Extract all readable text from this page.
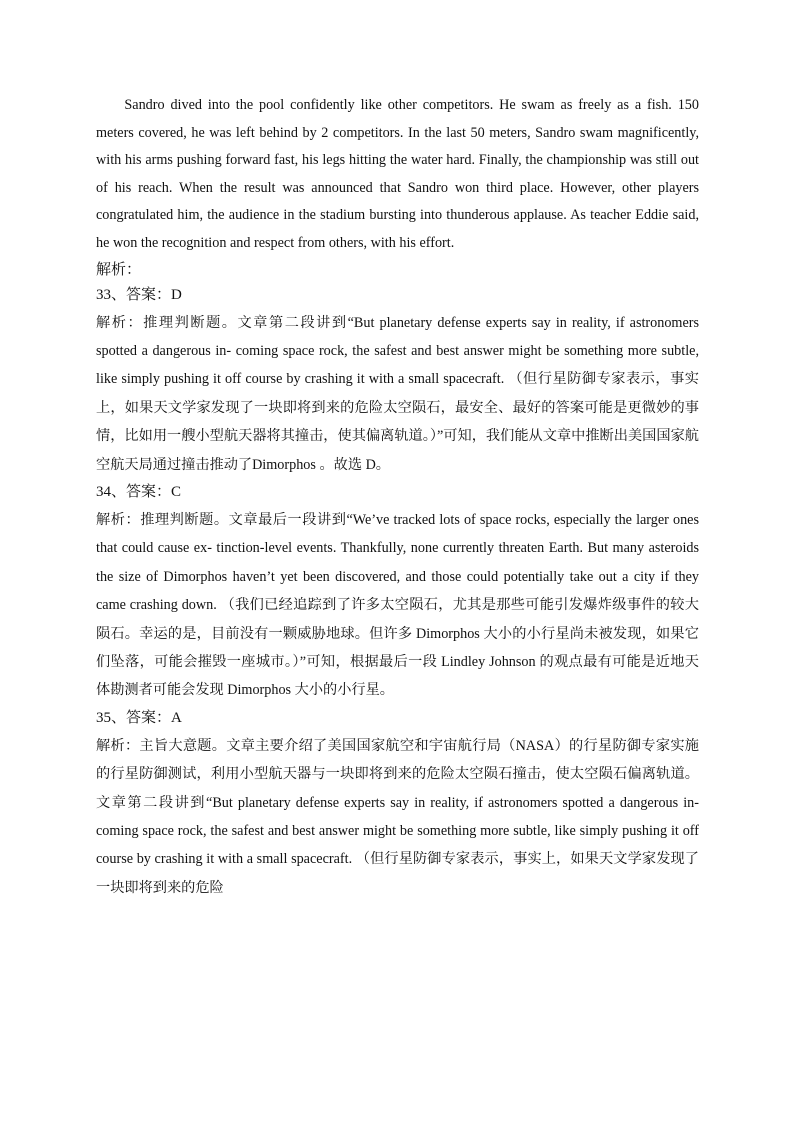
Sandro dived into the pool confidently like other competitors. He swam as freely as a fish. 150 meters covered, he was left behind by 2 competitors. In the last 50 meters, Sandro swam magnificently, with his arms pushing forward fast, his legs hitting the water hard. Finally, the championship was still out of his reach. When the result was announced that Sandro won third place. However, other players congratulated him, the audience in the stadium bursting into thunderous applause. As teacher Eddie said, he won the recognition and respect from others, with his effort.

解析：

33、答案：D

解析：推理判断题。文章第二段讲到“But planetary defense experts say in reality, if astronomers spotted a dangerous in- coming space rock, the safest and best answer might be something more subtle, like simply pushing it off course by crashing it with a small spacecraft. （但行星防御专家表示，事实上，如果天文学家发现了一块即将到来的危险太空陨石，最安全、最好的答案可能是更微妙的事情，比如用一艘小型航天器将其撞击，使其偏离轨道。）”可知，我们能从文章中推断出美国国家航空航天局通过撞击推动了Dimorphos 。故选 D。

34、答案：C

解析：推理判断题。文章最后一段讲到“We’ve tracked lots of space rocks, especially the larger ones that could cause ex- tinction-level events. Thankfully, none currently threaten Earth. But many asteroids the size of Dimorphos haven’t yet been discovered, and those could potentially take out a city if they came crashing down. （我们已经追踪到了许多太空陨石，尤其是那些可能引发爆炸级事件的较大陨石。幸运的是，目前没有一颗威胁地球。但许多 Dimorphos 大小的小行星尚未被发现，如果它们坠落，可能会摧毁一座城市。）”可知，根据最后一段 Lindley Johnson 的观点最有可能是近地天体勘测者可能会发现 Dimorphos 大小的小行星。

35、答案：A

解析：主旨大意题。文章主要介绍了美国国家航空和宇宙航行局（NASA）的行星防御专家实施的行星防御测试，利用小型航天器与一块即将到来的危险太空陨石撞击，使太空陨石偏离轨道。文章第二段讲到“But planetary defense experts say in reality, if astronomers spotted a dangerous in- coming space rock, the safest and best answer might be something more subtle, like simply pushing it off course by crashing it with a small spacecraft. （但行星防御专家表示，事实上，如果天文学家发现了一块即将到来的危险
